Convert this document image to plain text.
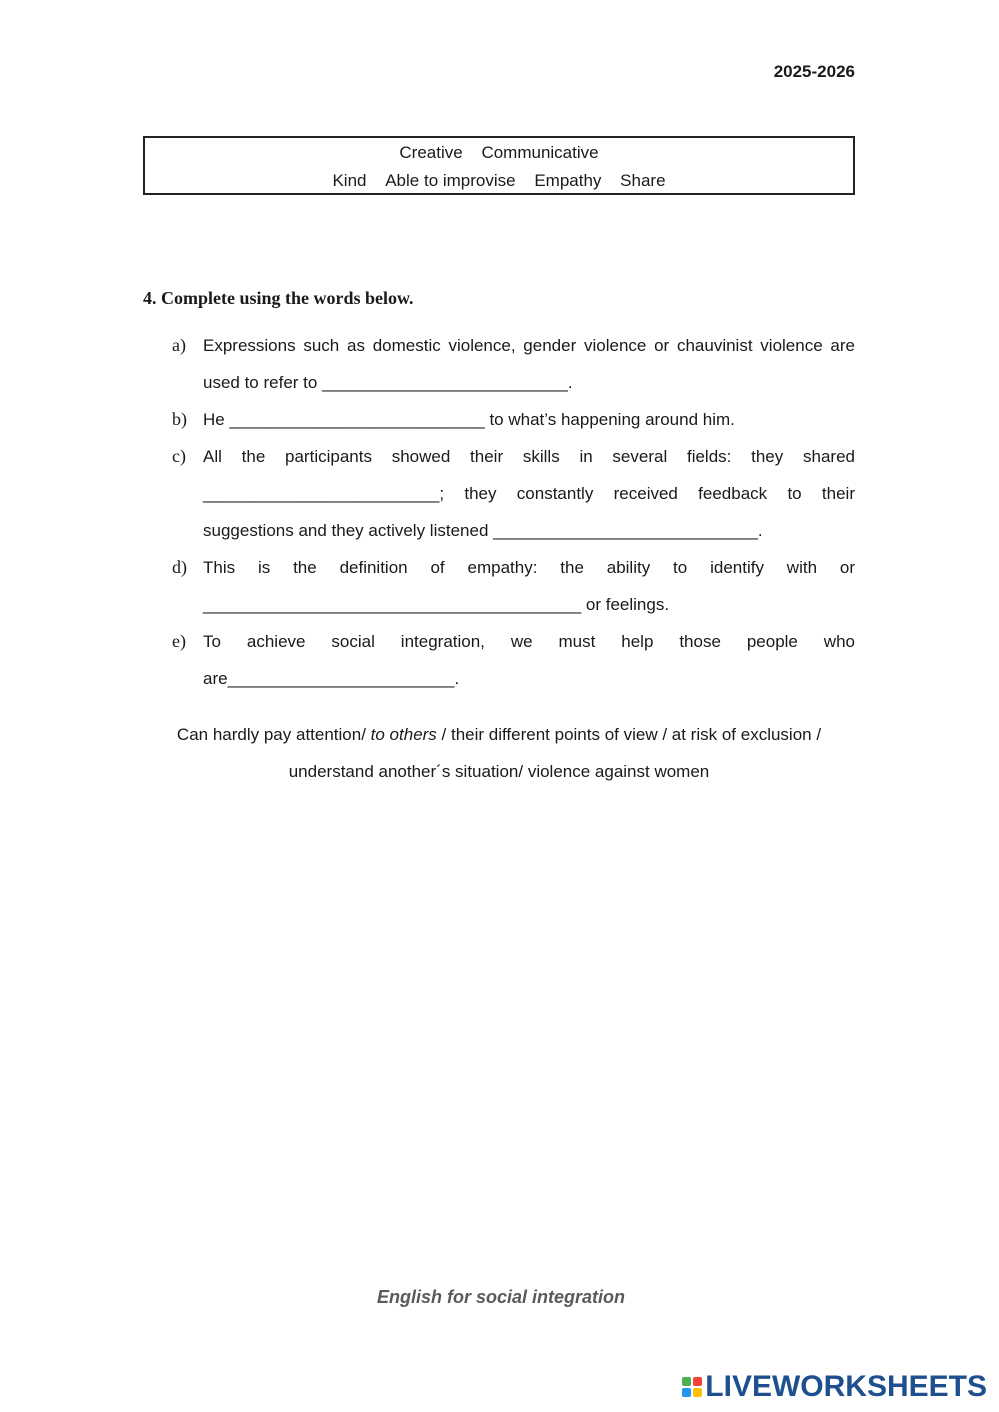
2025-2026
Creative Communicative
Kind Able to improvise Empathy Share
4. Complete using the words below.
a) Expressions such as domestic violence, gender violence or chauvinist violence are used to refer to __________________________.
b) He ___________________________ to what’s happening around him.
c) All the participants showed their skills in several fields: they shared _________________________; they constantly received feedback to their suggestions and they actively listened ____________________________.
d) This is the definition of empathy: the ability to identify with or ________________________________________ or feelings.
e) To achieve social integration, we must help those people who are________________________.
Can hardly pay attention/ to others / their different points of view / at risk of exclusion / understand another´s situation/ violence against women
English for social integration
LIVEWORKSHEETS
